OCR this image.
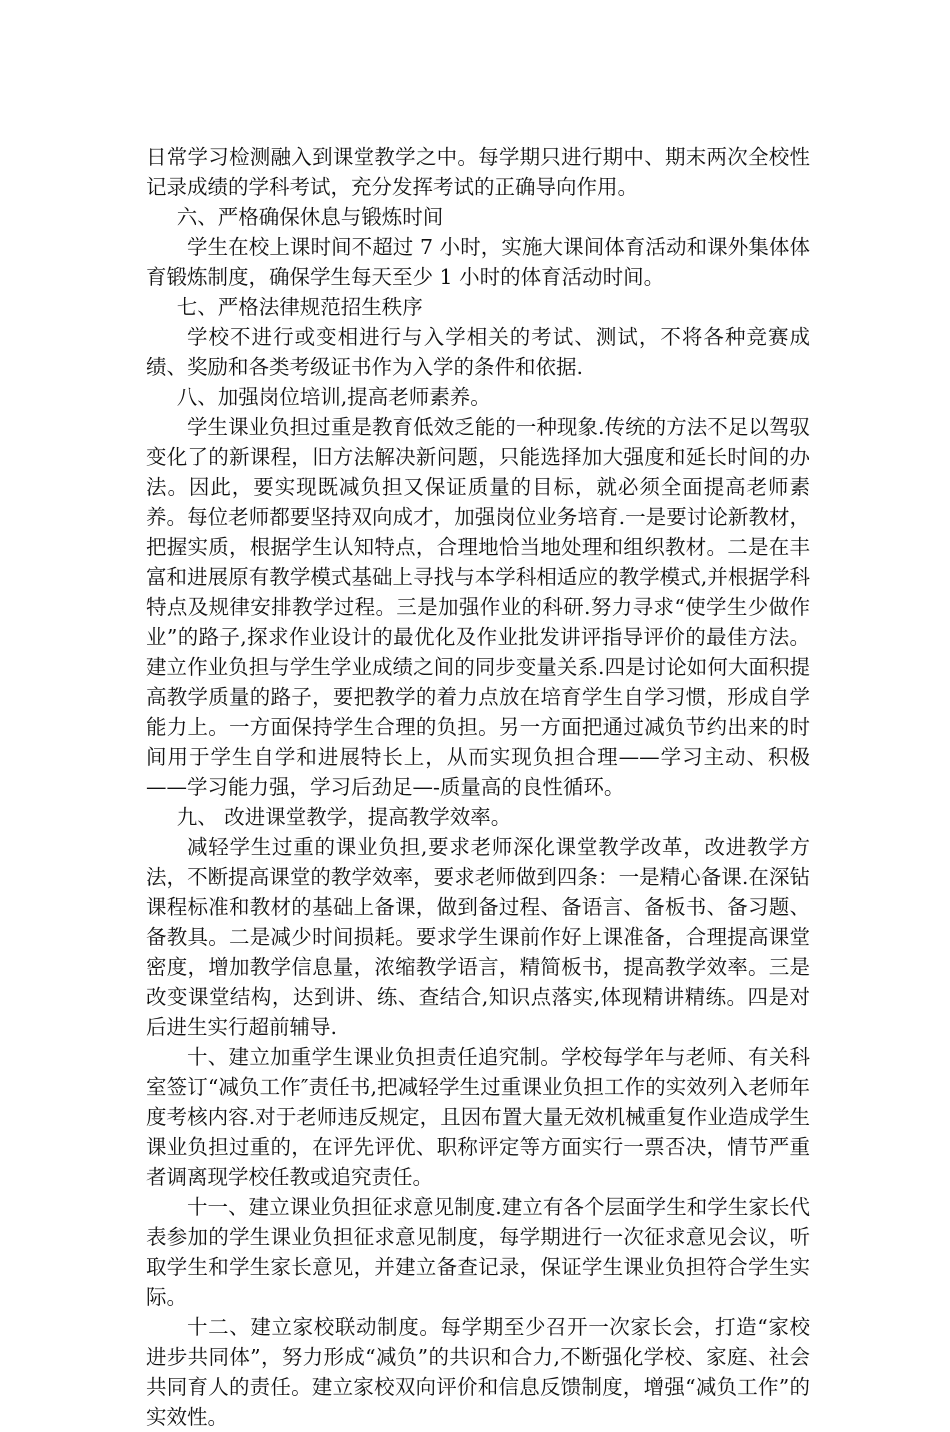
日常学习检测融入到课堂教学之中。每学期只进行期中、期末两次全校性记录成绩的学科考试，充分发挥考试的正确导向作用。

六、严格确保休息与锻炼时间

学生在校上课时间不超过 7 小时，实施大课间体育活动和课外集体体育锻炼制度，确保学生每天至少 1 小时的体育活动时间。

七、严格法律规范招生秩序

学校不进行或变相进行与入学相关的考试、测试，不将各种竞赛成绩、奖励和各类考级证书作为入学的条件和依据.

八、加强岗位培训,提高老师素养。

学生课业负担过重是教育低效乏能的一种现象.传统的方法不足以驾驭变化了的新课程，旧方法解决新问题，只能选择加大强度和延长时间的办法。因此，要实现既减负担又保证质量的目标，就必须全面提高老师素养。每位老师都要坚持双向成才，加强岗位业务培育.一是要讨论新教材，把握实质，根据学生认知特点，合理地恰当地处理和组织教材。二是在丰富和进展原有教学模式基础上寻找与本学科相适应的教学模式,并根据学科特点及规律安排教学过程。三是加强作业的科研.努力寻求“使学生少做作业”的路子,探求作业设计的最优化及作业批发讲评指导评价的最佳方法。建立作业负担与学生学业成绩之间的同步变量关系.四是讨论如何大面积提高教学质量的路子，要把教学的着力点放在培育学生自学习惯，形成自学能力上。一方面保持学生合理的负担。另一方面把通过减负节约出来的时间用于学生自学和进展特长上，从而实现负担合理——学习主动、积极——学习能力强，学习后劲足—-质量高的良性循环。

九、 改进课堂教学，提高教学效率。

减轻学生过重的课业负担,要求老师深化课堂教学改革，改进教学方法，不断提高课堂的教学效率，要求老师做到四条：一是精心备课.在深钻课程标准和教材的基础上备课，做到备过程、备语言、备板书、备习题、备教具。二是减少时间损耗。要求学生课前作好上课准备，合理提高课堂密度，增加教学信息量，浓缩教学语言，精简板书，提高教学效率。三是改变课堂结构，达到讲、练、查结合,知识点落实,体现精讲精练。四是对后进生实行超前辅导.

十、建立加重学生课业负担责任追究制。学校每学年与老师、有关科室签订“减负工作″责任书,把减轻学生过重课业负担工作的实效列入老师年度考核内容.对于老师违反规定，且因布置大量无效机械重复作业造成学生课业负担过重的，在评先评优、职称评定等方面实行一票否决，情节严重者调离现学校任教或追究责任。

十一、建立课业负担征求意见制度.建立有各个层面学生和学生家长代表参加的学生课业负担征求意见制度，每学期进行一次征求意见会议，听取学生和学生家长意见，并建立备查记录，保证学生课业负担符合学生实际。

十二、建立家校联动制度。每学期至少召开一次家长会，打造“家校进步共同体”，努力形成“减负”的共识和合力,不断强化学校、家庭、社会共同育人的责任。建立家校双向评价和信息反馈制度，增强“减负工作”的实效性。
